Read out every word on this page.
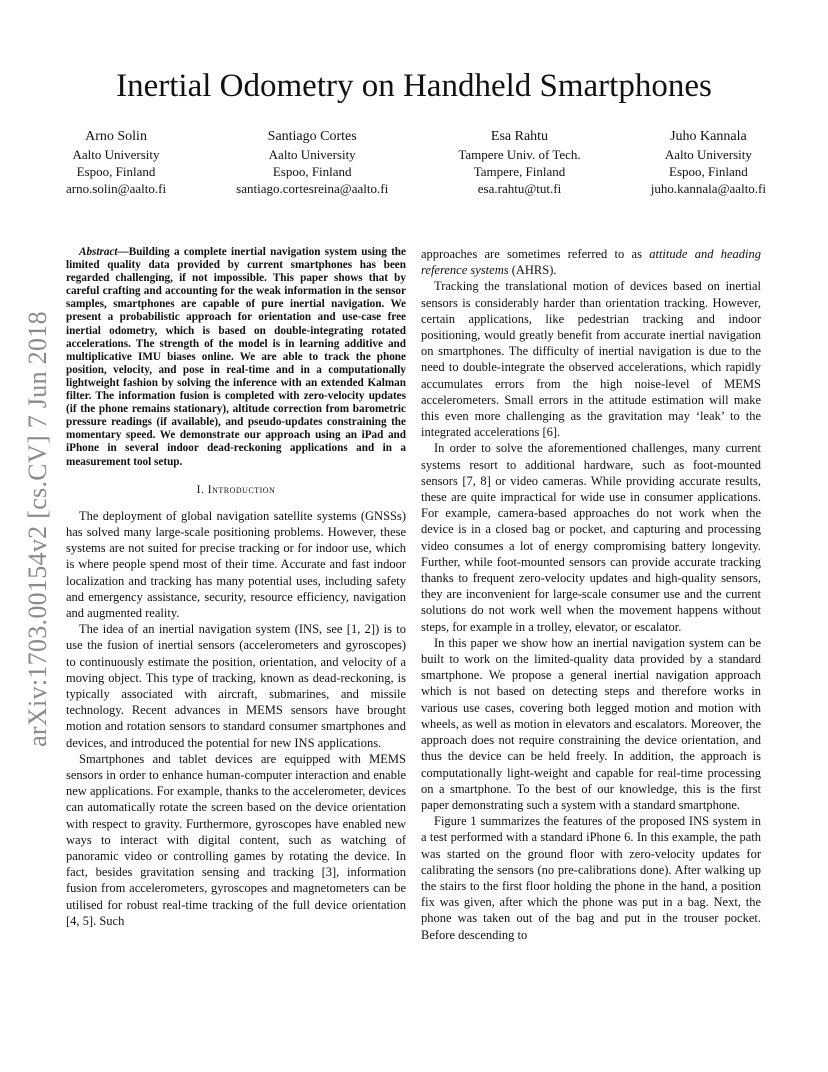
arXiv:1703.00154v2 [cs.CV] 7 Jun 2018
Inertial Odometry on Handheld Smartphones
Arno Solin
Aalto University
Espoo, Finland
arno.solin@aalto.fi
Santiago Cortes
Aalto University
Espoo, Finland
santiago.cortesreina@aalto.fi
Esa Rahtu
Tampere Univ. of Tech.
Tampere, Finland
esa.rahtu@tut.fi
Juho Kannala
Aalto University
Espoo, Finland
juho.kannala@aalto.fi

Abstract—Building a complete inertial navigation system using the limited quality data provided by current smartphones has been regarded challenging, if not impossible. This paper shows that by careful crafting and accounting for the weak information in the sensor samples, smartphones are capable of pure inertial navigation. We present a probabilistic approach for orientation and use-case free inertial odometry, which is based on double-integrating rotated accelerations. The strength of the model is in learning additive and multiplicative IMU biases online. We are able to track the phone position, velocity, and pose in real-time and in a computationally lightweight fashion by solving the inference with an extended Kalman filter. The information fusion is completed with zero-velocity updates (if the phone remains stationary), altitude correction from barometric pressure readings (if available), and pseudo-updates constraining the momentary speed. We demonstrate our approach using an iPad and iPhone in several indoor dead-reckoning applications and in a measurement tool setup.

I. Introduction

The deployment of global navigation satellite systems (GNSSs) has solved many large-scale positioning problems. However, these systems are not suited for precise tracking or for indoor use, which is where people spend most of their time. Accurate and fast indoor localization and tracking has many potential uses, including safety and emergency assistance, security, resource efficiency, navigation and augmented reality.

The idea of an inertial navigation system (INS, see [1, 2]) is to use the fusion of inertial sensors (accelerometers and gyroscopes) to continuously estimate the position, orientation, and velocity of a moving object. This type of tracking, known as dead-reckoning, is typically associated with aircraft, submarines, and missile technology. Recent advances in MEMS sensors have brought motion and rotation sensors to standard consumer smartphones and devices, and introduced the potential for new INS applications.

Smartphones and tablet devices are equipped with MEMS sensors in order to enhance human-computer interaction and enable new applications. For example, thanks to the accelerometer, devices can automatically rotate the screen based on the device orientation with respect to gravity. Furthermore, gyroscopes have enabled new ways to interact with digital content, such as watching of panoramic video or controlling games by rotating the device. In fact, besides gravitation sensing and tracking [3], information fusion from accelerometers, gyroscopes and magnetometers can be utilised for robust real-time tracking of the full device orientation [4, 5]. Such

approaches are sometimes referred to as attitude and heading reference systems (AHRS).

Tracking the translational motion of devices based on inertial sensors is considerably harder than orientation tracking. However, certain applications, like pedestrian tracking and indoor positioning, would greatly benefit from accurate inertial navigation on smartphones. The difficulty of inertial navigation is due to the need to double-integrate the observed accelerations, which rapidly accumulates errors from the high noise-level of MEMS accelerometers. Small errors in the attitude estimation will make this even more challenging as the gravitation may ‘leak’ to the integrated accelerations [6].

In order to solve the aforementioned challenges, many current systems resort to additional hardware, such as foot-mounted sensors [7, 8] or video cameras. While providing accurate results, these are quite impractical for wide use in consumer applications. For example, camera-based approaches do not work when the device is in a closed bag or pocket, and capturing and processing video consumes a lot of energy compromising battery longevity. Further, while foot-mounted sensors can provide accurate tracking thanks to frequent zero-velocity updates and high-quality sensors, they are inconvenient for large-scale consumer use and the current solutions do not work well when the movement happens without steps, for example in a trolley, elevator, or escalator.

In this paper we show how an inertial navigation system can be built to work on the limited-quality data provided by a standard smartphone. We propose a general inertial navigation approach which is not based on detecting steps and therefore works in various use cases, covering both legged motion and motion with wheels, as well as motion in elevators and escalators. Moreover, the approach does not require constraining the device orientation, and thus the device can be held freely. In addition, the approach is computationally light-weight and capable for real-time processing on a smartphone. To the best of our knowledge, this is the first paper demonstrating such a system with a standard smartphone.

Figure 1 summarizes the features of the proposed INS system in a test performed with a standard iPhone 6. In this example, the path was started on the ground floor with zero-velocity updates for calibrating the sensors (no pre-calibrations done). After walking up the stairs to the first floor holding the phone in the hand, a position fix was given, after which the phone was put in a bag. Next, the phone was taken out of the bag and put in the trouser pocket. Before descending to
